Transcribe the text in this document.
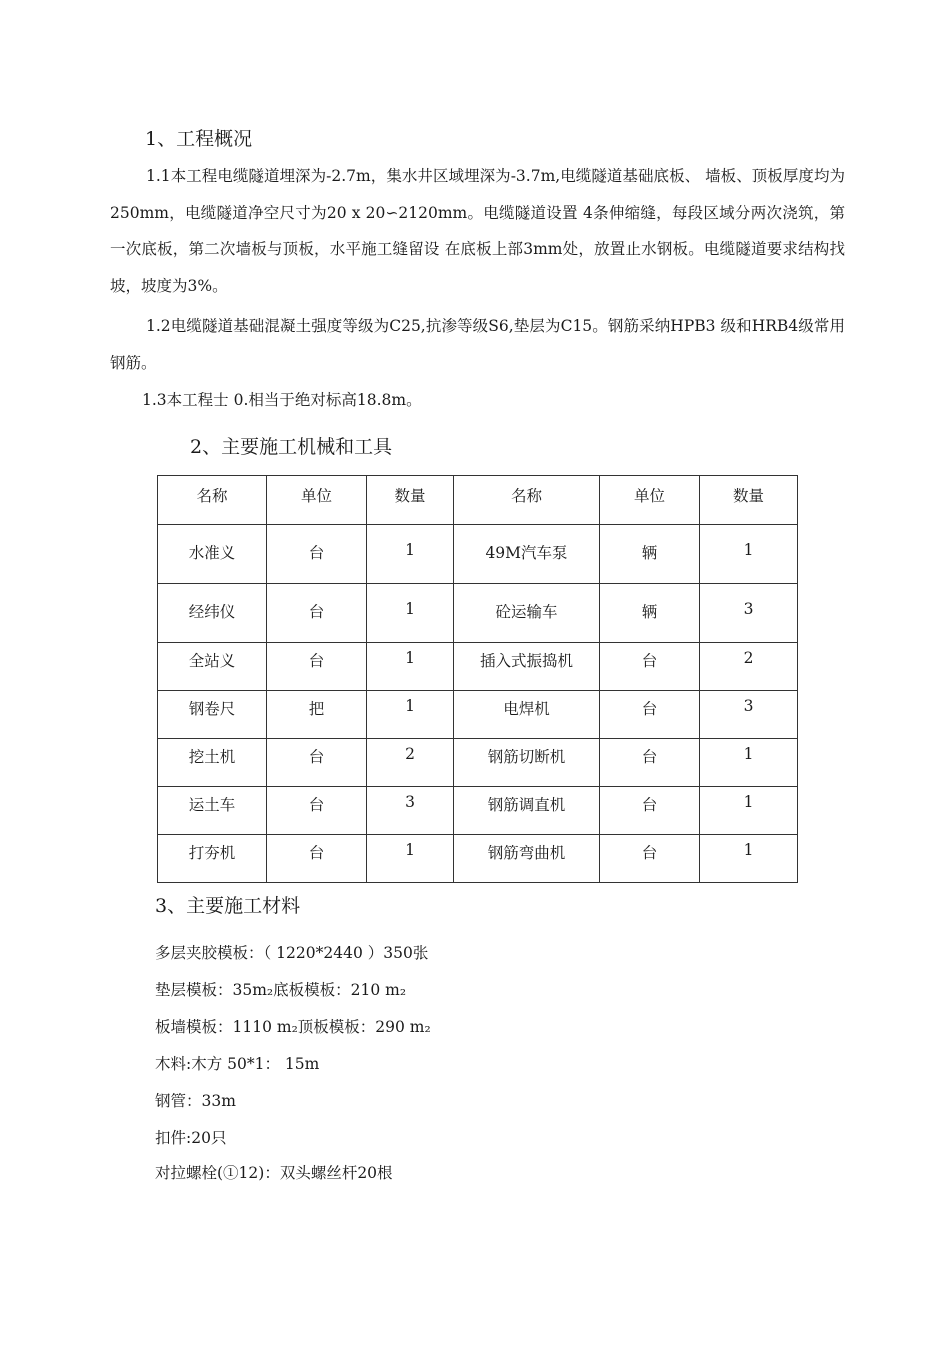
1、工程概况
1.1本工程电缆隧道埋深为-2.7m，集水井区域埋深为-3.7m,电缆隧道基础底板、 墙板、顶板厚度均为250mm，电缆隧道净空尺寸为20 x 20∽2120mm。电缆隧道设置 4条伸缩缝，每段区域分两次浇筑，第一次底板，第二次墙板与顶板，水平施工缝留设 在底板上部3mm处，放置止水钢板。电缆隧道要求结构找坡，坡度为3%。
1.2电缆隧道基础混凝土强度等级为C25,抗渗等级S6,垫层为C15。钢筋采纳HPB3 级和HRB4级常用钢筋。
1.3本工程士 0.相当于绝对标高18.8m。
2、主要施工机械和工具
名称	单位	数量	名称	单位	数量
水准义	台	1	49M汽车泵	辆	1
经纬仪	台	1	砼运输车	辆	3
全站义	台	1	插入式振捣机	台	2
钢卷尺	把	1	电焊机	台	3
挖土机	台	2	钢筋切断机	台	1
运土车	台	3	钢筋调直机	台	1
打夯机	台	1	钢筋弯曲机	台	1
3、主要施工材料
多层夹胶模板：（ 1220*2440 ）350张
垫层模板：35m₂底板模板：210 m₂
板墙模板：1110 m₂顶板模板：290 m₂
木料:木方 50*1： 15m
钢管：33m
扣件:20只
对拉螺栓(①12)：双头螺丝杆20根
